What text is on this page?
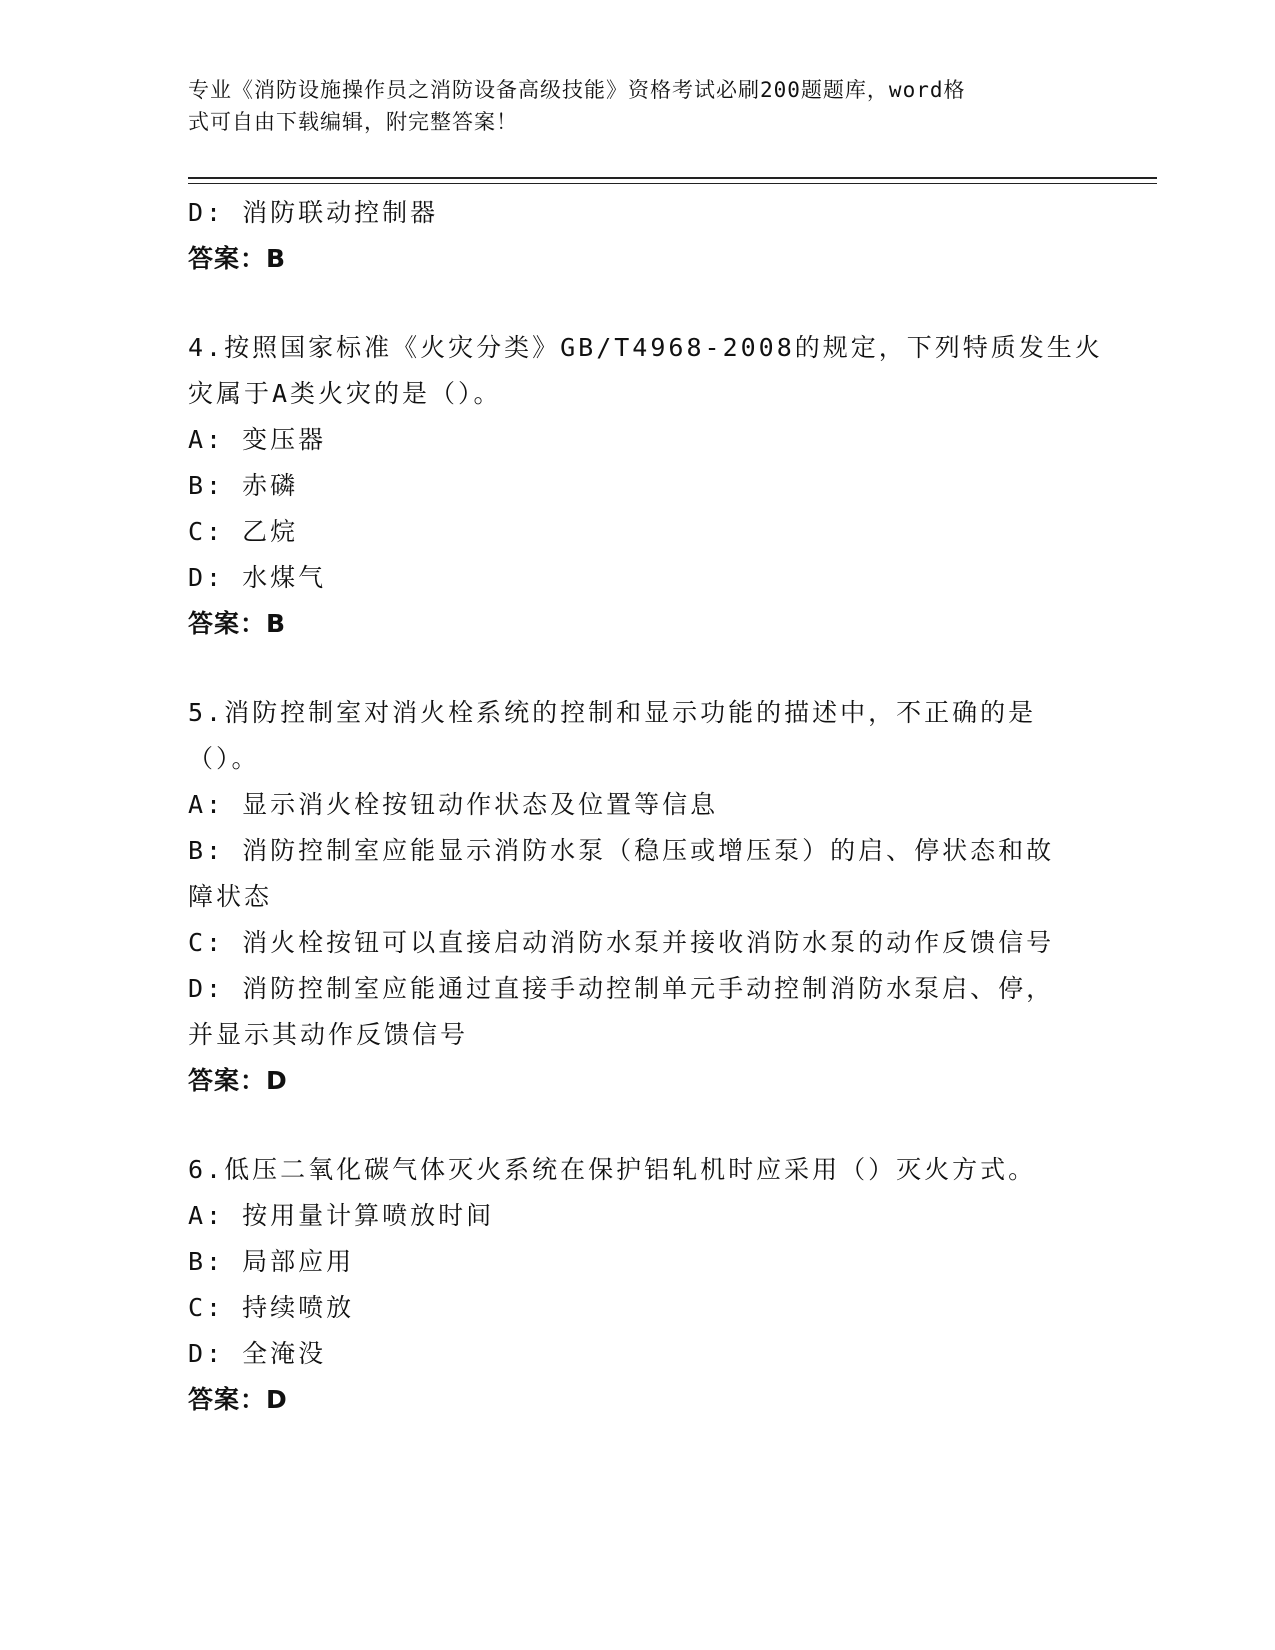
专业《消防设施操作员之消防设备高级技能》资格考试必刷200题题库，word格
式可自由下载编辑，附完整答案！
D: 消防联动控制器
答案：B
4.按照国家标准《火灾分类》GB/T4968-2008的规定，下列特质发生火
灾属于A类火灾的是（）。
A: 变压器
B: 赤磷
C: 乙烷
D: 水煤气
答案：B
5.消防控制室对消火栓系统的控制和显示功能的描述中，不正确的是
（）。
A: 显示消火栓按钮动作状态及位置等信息
B: 消防控制室应能显示消防水泵（稳压或增压泵）的启、停状态和故
障状态
C: 消火栓按钮可以直接启动消防水泵并接收消防水泵的动作反馈信号
D: 消防控制室应能通过直接手动控制单元手动控制消防水泵启、停，
并显示其动作反馈信号
答案：D
6.低压二氧化碳气体灭火系统在保护铝轧机时应采用（）灭火方式。
A: 按用量计算喷放时间
B: 局部应用
C: 持续喷放
D: 全淹没
答案：D
